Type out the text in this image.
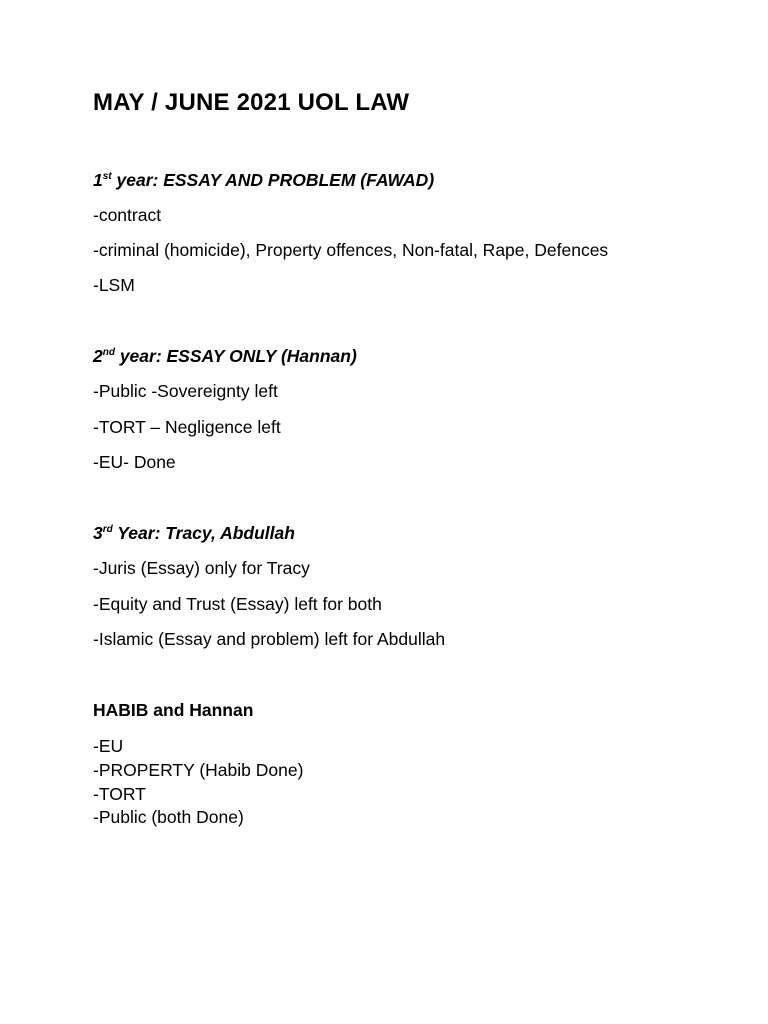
MAY / JUNE 2021 UOL LAW
1st year: ESSAY AND PROBLEM (FAWAD)
-contract
-criminal (homicide), Property offences, Non-fatal, Rape, Defences
-LSM
2nd year: ESSAY ONLY (Hannan)
-Public -Sovereignty left
-TORT – Negligence left
-EU- Done
3rd Year: Tracy, Abdullah
-Juris (Essay) only for Tracy
-Equity and Trust (Essay) left for both
-Islamic (Essay and problem) left for Abdullah
HABIB and Hannan
-EU
-PROPERTY (Habib Done)
-TORT
-Public (both Done)
